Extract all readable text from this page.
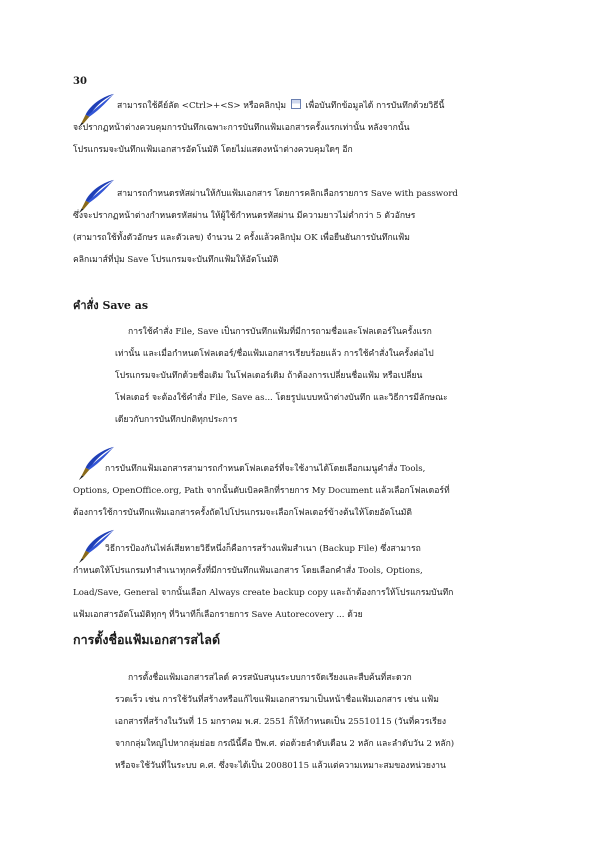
30
สามารถใช้คีย์ลัด <Ctrl>+<S> หรือคลิกปุ่ม เพื่อบันทึกข้อมูลได้ การบันทึกด้วยวิธีนี้
จะปรากฏหน้าต่างควบคุมการบันทึกเฉพาะการบันทึกแฟ้มเอกสารครั้งแรกเท่านั้น หลังจากนั้น
โปรแกรมจะบันทึกแฟ้มเอกสารอัตโนมัติ โดยไม่แสดงหน้าต่างควบคุมใดๆ อีก
สามารถกำหนดรหัสผ่านให้กับแฟ้มเอกสาร โดยการคลิกเลือกรายการ Save with password
ซึ่งจะปรากฏหน้าต่างกำหนดรหัสผ่าน ให้ผู้ใช้กำหนดรหัสผ่าน มีความยาวไม่ต่ำกว่า 5 ตัวอักษร
(สามารถใช้ทั้งตัวอักษร และตัวเลข) จำนวน 2 ครั้งแล้วคลิกปุ่ม OK เพื่อยืนยันการบันทึกแฟ้ม
คลิกเมาส์ที่ปุ่ม Save โปรแกรมจะบันทึกแฟ้มให้อัตโนมัติ
คำสั่ง Save as
การใช้คำสั่ง File, Save เป็นการบันทึกแฟ้มที่มีการถามชื่อและโฟลเดอร์ในครั้งแรก
เท่านั้น และเมื่อกำหนดโฟลเดอร์/ชื่อแฟ้มเอกสารเรียบร้อยแล้ว การใช้คำสั่งในครั้งต่อไป
โปรแกรมจะบันทึกด้วยชื่อเดิม ในโฟลเดอร์เดิม ถ้าต้องการเปลี่ยนชื่อแฟ้ม หรือเปลี่ยน
โฟลเดอร์ จะต้องใช้คำสั่ง File, Save as... โดยรูปแบบหน้าต่างบันทึก และวิธีการมีลักษณะ
เดียวกับการบันทึกปกติทุกประการ
การบันทึกแฟ้มเอกสารสามารถกำหนดโฟลเดอร์ที่จะใช้งานได้โดยเลือกเมนูคำสั่ง Tools,
Options, OpenOffice.org, Path จากนั้นดับเบิลคลิกที่รายการ My Document แล้วเลือกโฟลเดอร์ที่
ต้องการใช้การบันทึกแฟ้มเอกสารครั้งถัดไปโปรแกรมจะเลือกโฟลเดอร์ข้างต้นให้โดยอัตโนมัติ
วิธีการป้องกันไฟล์เสียหายวิธีหนึ่งก็คือการสร้างแฟ้มสำเนา (Backup File) ซึ่งสามารถ
กำหนดให้โปรแกรมทำสำเนาทุกครั้งที่มีการบันทึกแฟ้มเอกสาร โดยเลือกคำสั่ง Tools, Options,
Load/Save, General จากนั้นเลือก Always create backup copy และถ้าต้องการให้โปรแกรมบันทึก
แฟ้มเอกสารอัตโนมัติทุกๆ ที่วินาทีก็เลือกรายการ Save Autorecovery ... ด้วย
การตั้งชื่อแฟ้มเอกสารสไลด์
การตั้งชื่อแฟ้มเอกสารสไลด์ ควรสนับสนุนระบบการจัดเรียงและสืบค้นที่สะดวก
รวดเร็ว เช่น การใช้วันที่สร้างหรือแก้ไขแฟ้มเอกสารมาเป็นหน้าชื่อแฟ้มเอกสาร เช่น แฟ้ม
เอกสารที่สร้างในวันที่ 15 มกราคม พ.ศ. 2551 ก็ให้กำหนดเป็น 25510115 (วันที่ควรเรียง
จากกลุ่มใหญ่ไปหากลุ่มย่อย กรณีนี้คือ ปีพ.ศ. ต่อด้วยลำดับเดือน 2 หลัก และลำดับวัน 2 หลัก)
หรือจะใช้วันที่ในระบบ ค.ศ. ซึ่งจะได้เป็น 20080115 แล้วแต่ความเหมาะสมของหน่วยงาน
